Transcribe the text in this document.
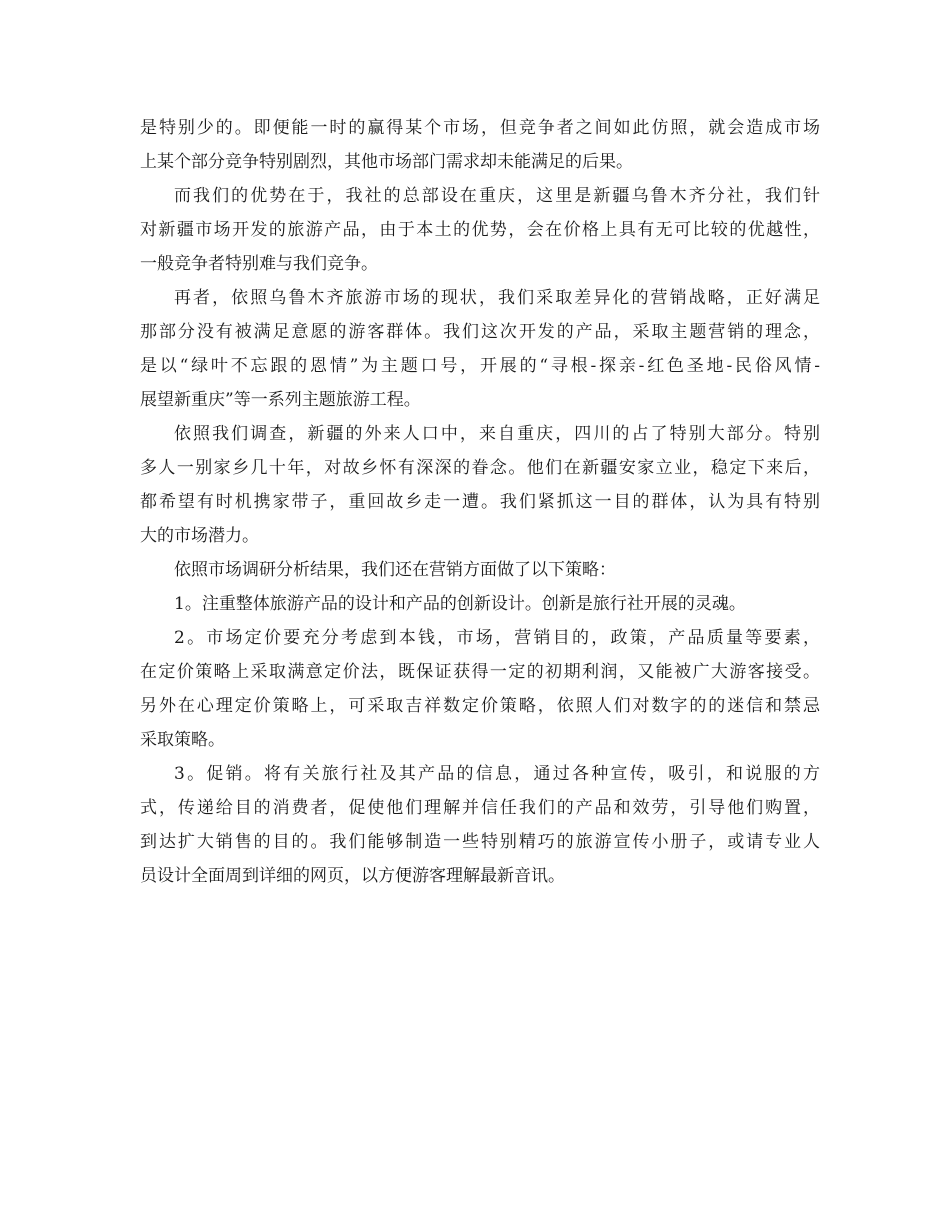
是特别少的。即便能一时的赢得某个市场，但竞争者之间如此仿照，就会造成市场
上某个部分竞争特别剧烈，其他市场部门需求却未能满足的后果。
而我们的优势在于，我社的总部设在重庆，这里是新疆乌鲁木齐分社，我们针
对新疆市场开发的旅游产品，由于本土的优势，会在价格上具有无可比较的优越性，
一般竞争者特别难与我们竞争。
再者，依照乌鲁木齐旅游市场的现状，我们采取差异化的营销战略，正好满足
那部分没有被满足意愿的游客群体。我们这次开发的产品，采取主题营销的理念，
是以“绿叶不忘跟的恩情”为主题口号，开展的“寻根-探亲-红色圣地-民俗风情-
展望新重庆”等一系列主题旅游工程。
依照我们调查，新疆的外来人口中，来自重庆，四川的占了特别大部分。特别
多人一别家乡几十年，对故乡怀有深深的眷念。他们在新疆安家立业，稳定下来后，
都希望有时机携家带子，重回故乡走一遭。我们紧抓这一目的群体，认为具有特别
大的市场潜力。
依照市场调研分析结果，我们还在营销方面做了以下策略：
1。注重整体旅游产品的设计和产品的创新设计。创新是旅行社开展的灵魂。
2。市场定价要充分考虑到本钱，市场，营销目的，政策，产品质量等要素，
在定价策略上采取满意定价法，既保证获得一定的初期利润，又能被广大游客接受。
另外在心理定价策略上，可采取吉祥数定价策略，依照人们对数字的的迷信和禁忌
采取策略。
3。促销。将有关旅行社及其产品的信息，通过各种宣传，吸引，和说服的方
式，传递给目的消费者，促使他们理解并信任我们的产品和效劳，引导他们购置，
到达扩大销售的目的。我们能够制造一些特别精巧的旅游宣传小册子，或请专业人
员设计全面周到详细的网页，以方便游客理解最新音讯。
